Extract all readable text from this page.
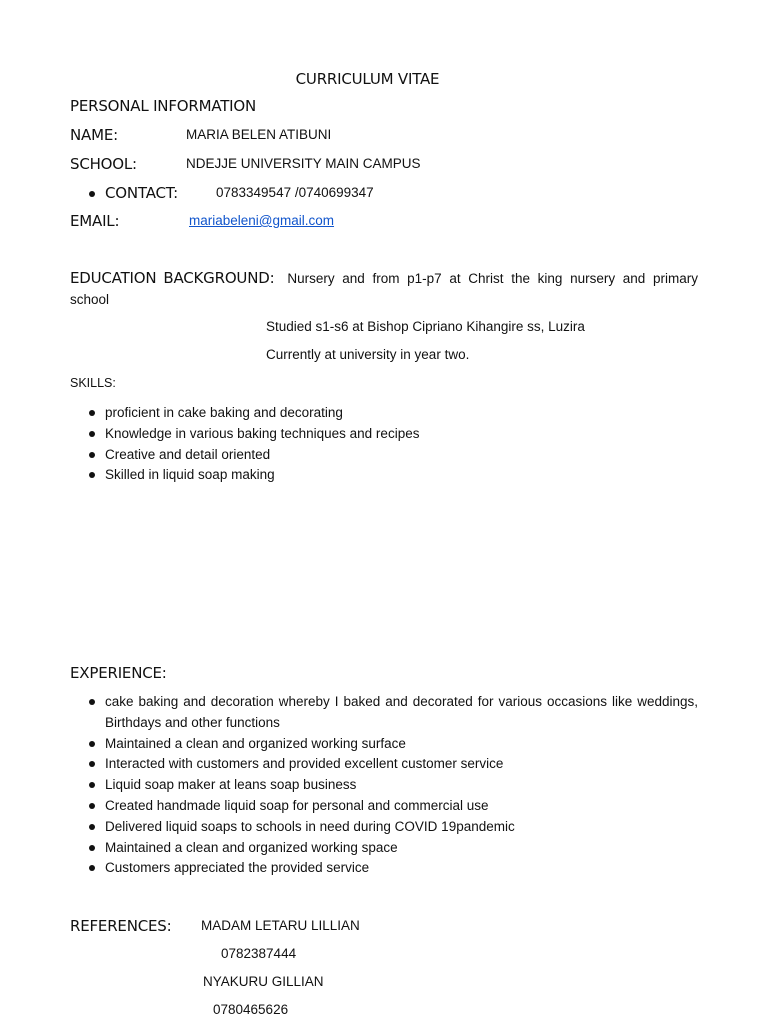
CURRICULUM VITAE
PERSONAL INFORMATION
NAME:	MARIA BELEN ATIBUNI
SCHOOL:	NDEJJE UNIVERSITY MAIN CAMPUS
CONTACT:	0783349547 /0740699347
EMAIL:	mariabeleni@gmail.com
EDUCATION BACKGROUND: Nursery and from p1-p7 at Christ the king nursery and primary school
Studied s1-s6 at Bishop Cipriano Kihangire ss, Luzira
Currently at university in year two.
SKILLS:
proficient in cake baking and decorating
Knowledge in various baking techniques and recipes
Creative and detail oriented
Skilled in liquid soap making
EXPERIENCE:
cake baking and decoration whereby I baked and decorated for various occasions like weddings, Birthdays and other functions
Maintained a clean and organized working surface
Interacted with customers and provided excellent customer service
Liquid soap maker at leans soap business
Created handmade liquid soap for personal and commercial use
Delivered liquid soaps to schools in need during COVID 19pandemic
Maintained a clean and organized working space
Customers appreciated the provided service
REFERENCES: MADAM LETARU LILLIAN
0782387444
NYAKURU GILLIAN
0780465626
